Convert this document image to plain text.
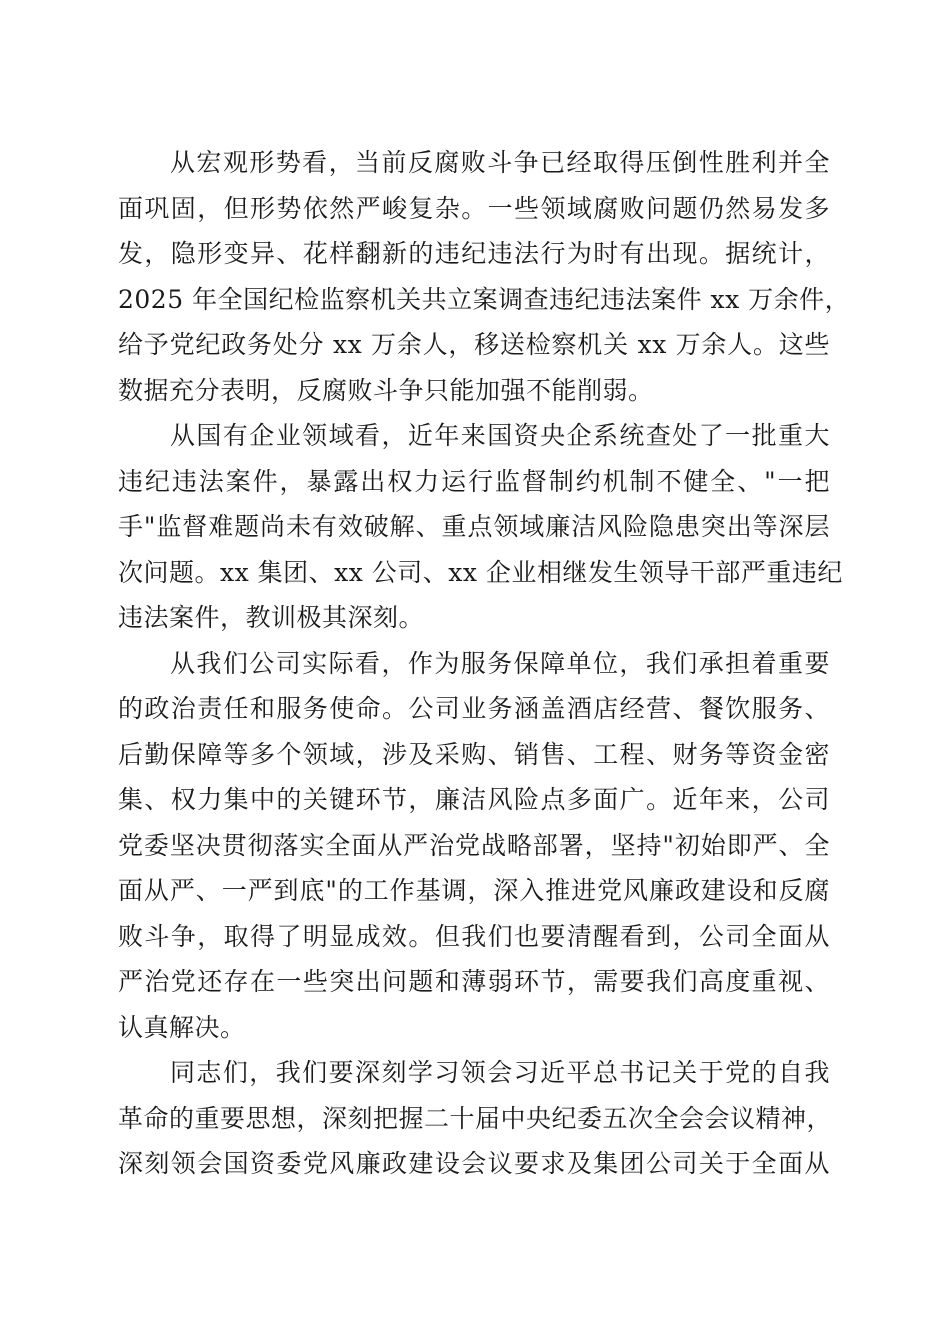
从宏观形势看，当前反腐败斗争已经取得压倒性胜利并全
面巩固，但形势依然严峻复杂。一些领域腐败问题仍然易发多
发，隐形变异、花样翻新的违纪违法行为时有出现。据统计，
2025 年全国纪检监察机关共立案调查违纪违法案件 xx 万余件，
给予党纪政务处分 xx 万余人，移送检察机关 xx 万余人。这些
数据充分表明，反腐败斗争只能加强不能削弱。
从国有企业领域看，近年来国资央企系统查处了一批重大
违纪违法案件，暴露出权力运行监督制约机制不健全、"一把
手"监督难题尚未有效破解、重点领域廉洁风险隐患突出等深层
次问题。xx 集团、xx 公司、xx 企业相继发生领导干部严重违纪
违法案件，教训极其深刻。
从我们公司实际看，作为服务保障单位，我们承担着重要
的政治责任和服务使命。公司业务涵盖酒店经营、餐饮服务、
后勤保障等多个领域，涉及采购、销售、工程、财务等资金密
集、权力集中的关键环节，廉洁风险点多面广。近年来，公司
党委坚决贯彻落实全面从严治党战略部署，坚持"初始即严、全
面从严、一严到底"的工作基调，深入推进党风廉政建设和反腐
败斗争，取得了明显成效。但我们也要清醒看到，公司全面从
严治党还存在一些突出问题和薄弱环节，需要我们高度重视、
认真解决。
同志们，我们要深刻学习领会习近平总书记关于党的自我
革命的重要思想，深刻把握二十届中央纪委五次全会会议精神，
深刻领会国资委党风廉政建设会议要求及集团公司关于全面从
